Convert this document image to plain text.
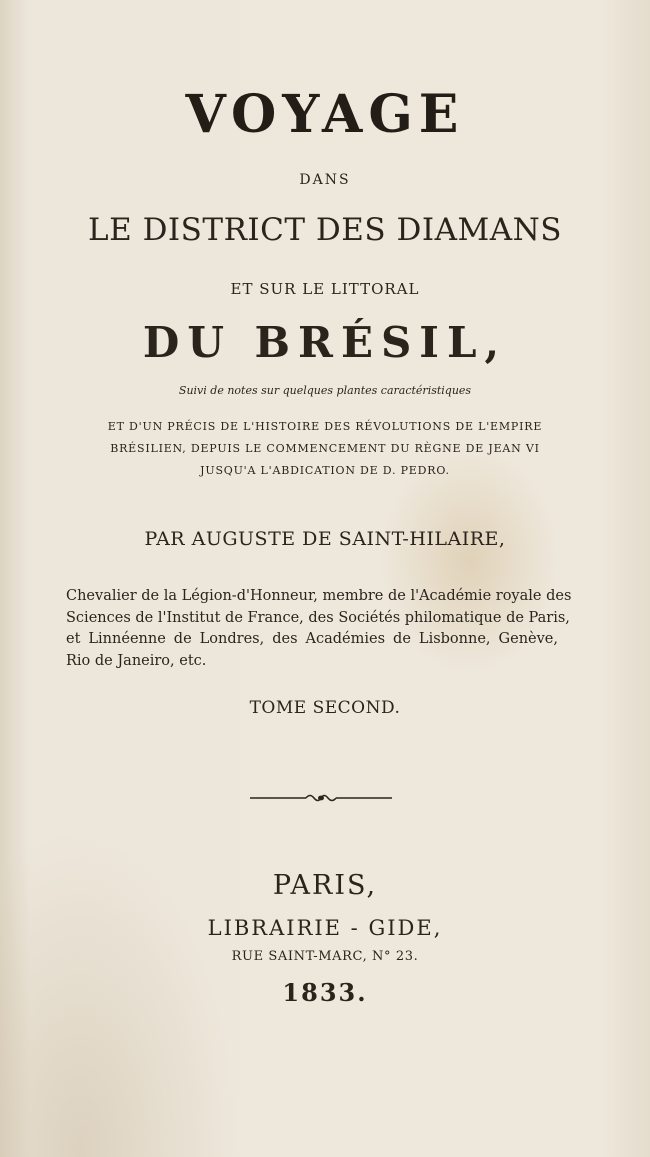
VOYAGE
DANS
LE DISTRICT DES DIAMANS
ET SUR LE LITTORAL
DU BRÉSIL,
Suivi de notes sur quelques plantes caractéristiques
ET D'UN PRÉCIS DE L'HISTOIRE DES RÉVOLUTIONS DE L'EMPIRE
BRÉSILIEN, DEPUIS LE COMMENCEMENT DU RÈGNE DE JEAN VI
JUSQU'A L'ABDICATION DE D. PEDRO.
PAR AUGUSTE DE SAINT-HILAIRE,
Chevalier de la Légion-d'Honneur, membre de l'Académie royale des
Sciences de l'Institut de France, des Sociétés philomatique de Paris,
et Linnéenne de Londres, des Académies de Lisbonne, Genève,
Rio de Janeiro, etc.
TOME SECOND.
PARIS,
LIBRAIRIE - GIDE,
RUE SAINT-MARC, N° 23.
1833.
